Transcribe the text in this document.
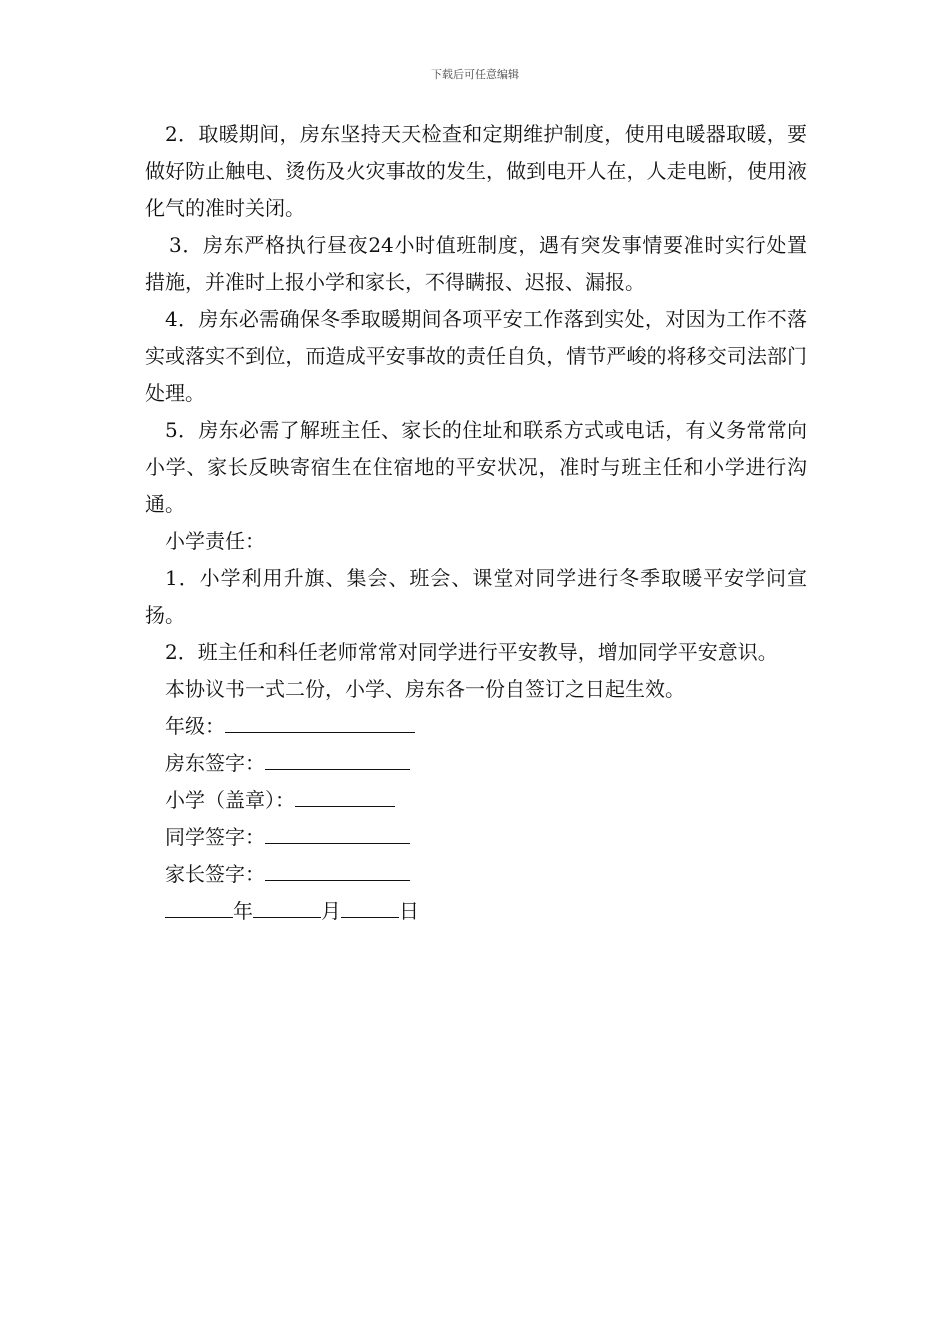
下载后可任意编辑

2．取暖期间，房东坚持天天检查和定期维护制度，使用电暖器取暖，要做好防止触电、烫伤及火灾事故的发生，做到电开人在，人走电断，使用液化气的准时关闭。

3．房东严格执行昼夜24小时值班制度，遇有突发事情要准时实行处置措施，并准时上报小学和家长，不得瞒报、迟报、漏报。

4．房东必需确保冬季取暖期间各项平安工作落到实处，对因为工作不落实或落实不到位，而造成平安事故的责任自负，情节严峻的将移交司法部门处理。

5．房东必需了解班主任、家长的住址和联系方式或电话，有义务常常向小学、家长反映寄宿生在住宿地的平安状况，准时与班主任和小学进行沟通。

小学责任：

1．小学利用升旗、集会、班会、课堂对同学进行冬季取暖平安学问宣扬。

2．班主任和科任老师常常对同学进行平安教导，增加同学平安意识。

本协议书一式二份，小学、房东各一份自签订之日起生效。

年级：

房东签字：

小学（盖章）：

同学签字：

家长签字：

年	月	日
